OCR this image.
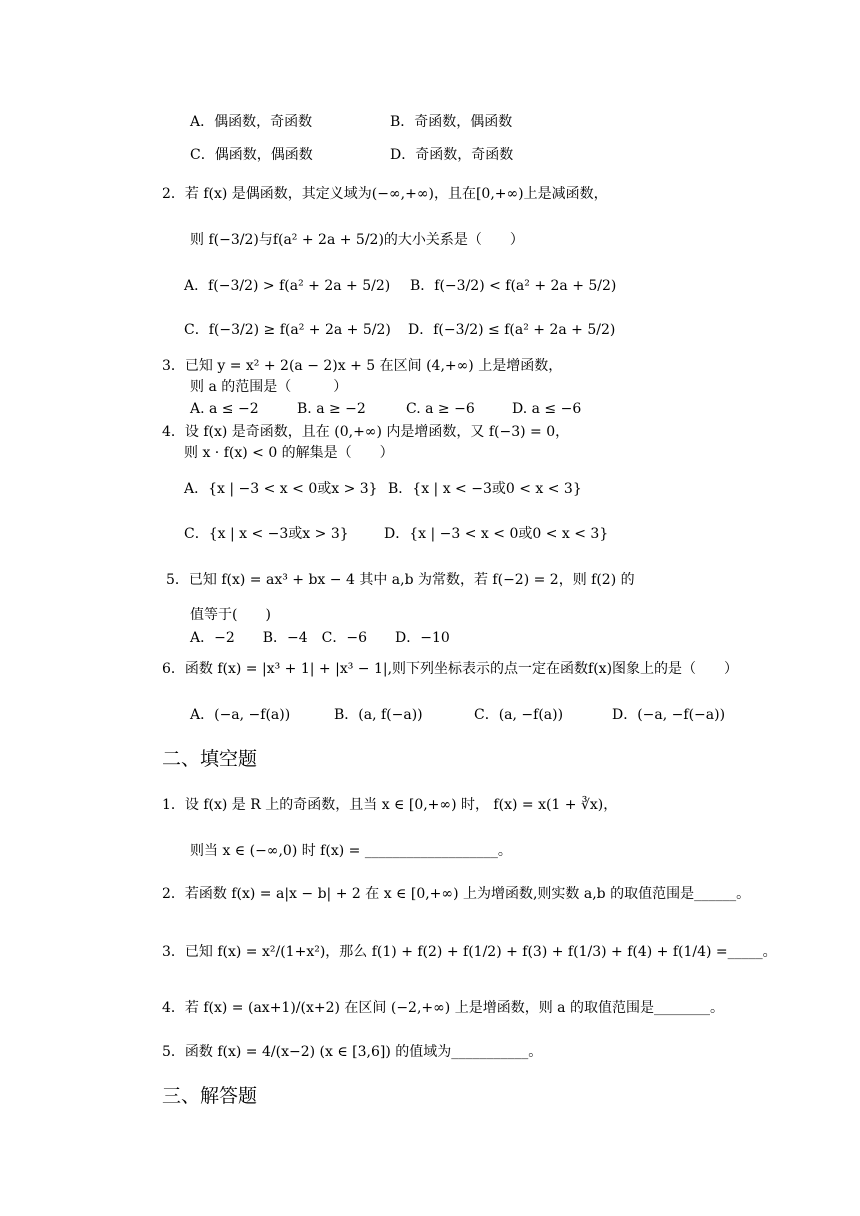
A．偶函数，奇函数	B．奇函数，偶函数
C．偶函数，偶函数	D．奇函数，奇函数
2．若 f(x) 是偶函数，其定义域为(−∞,+∞)，且在[0,+∞)上是减函数，
则 f(−3/2)与f(a² + 2a + 5/2)的大小关系是（　　）
A．f(−3/2) > f(a² + 2a + 5/2) B．f(−3/2) < f(a² + 2a + 5/2)
C．f(−3/2) ≥ f(a² + 2a + 5/2) D．f(−3/2) ≤ f(a² + 2a + 5/2)
3．已知 y = x² + 2(a − 2)x + 5 在区间 (4,+∞) 上是增函数，
则 a 的范围是（　　　）
A. a ≤ −2	B. a ≥ −2	C. a ≥ −6	D. a ≤ −6
4．设 f(x) 是奇函数，且在 (0,+∞) 内是增函数，又 f(−3) = 0，
则 x · f(x) < 0 的解集是（　　）
A．{x | −3 < x < 0或x > 3} B．{x | x < −3或0 < x < 3}
C．{x | x < −3或x > 3}	D．{x | −3 < x < 0或0 < x < 3}
5．已知 f(x) = ax³ + bx − 4 其中 a,b 为常数，若 f(−2) = 2，则 f(2) 的
值等于(　　)
A．−2　　B．−4　C．−6　　D．−10
6．函数 f(x) = |x³ + 1| + |x³ − 1|,则下列坐标表示的点一定在函数f(x)图象上的是（　　）
A．(−a, −f(a))	B．(a, f(−a))	C．(a, −f(a))	D．(−a, −f(−a))
二、填空题
1．设 f(x) 是 R 上的奇函数，且当 x ∈ [0,+∞) 时， f(x) = x(1 + ∛x)，
则当 x ∈ (−∞,0) 时 f(x) = ___________________。
2．若函数 f(x) = a|x − b| + 2 在 x ∈ [0,+∞) 上为增函数,则实数 a,b 的取值范围是______。
3．已知 f(x) = x²/(1+x²)，那么 f(1) + f(2) + f(1/2) + f(3) + f(1/3) + f(4) + f(1/4) =_____。
4．若 f(x) = (ax+1)/(x+2) 在区间 (−2,+∞) 上是增函数，则 a 的取值范围是________。
5．函数 f(x) = 4/(x−2) (x ∈ [3,6]) 的值域为___________。
三、解答题
